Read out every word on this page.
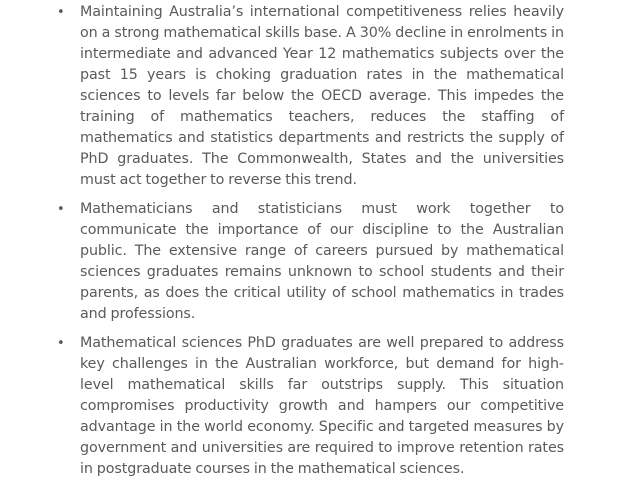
• Maintaining Australia’s international competitiveness relies heavily on a strong mathematical skills base. A 30% decline in enrolments in intermediate and advanced Year 12 mathematics subjects over the past 15 years is choking graduation rates in the mathematical sciences to levels far below the OECD average. This impedes the training of mathematics teachers, reduces the staffing of mathematics and statistics departments and restricts the supply of PhD graduates. The Commonwealth, States and the universities must act together to reverse this trend.
• Mathematicians and statisticians must work together to communicate the importance of our discipline to the Australian public. The extensive range of careers pursued by mathematical sciences graduates remains unknown to school students and their parents, as does the critical utility of school mathematics in trades and professions.
• Mathematical sciences PhD graduates are well prepared to address key challenges in the Australian workforce, but demand for high-level mathematical skills far outstrips supply. This situation compromises productivity growth and hampers our competitive advantage in the world economy. Specific and targeted measures by government and universities are required to improve retention rates in postgraduate courses in the mathematical sciences.
